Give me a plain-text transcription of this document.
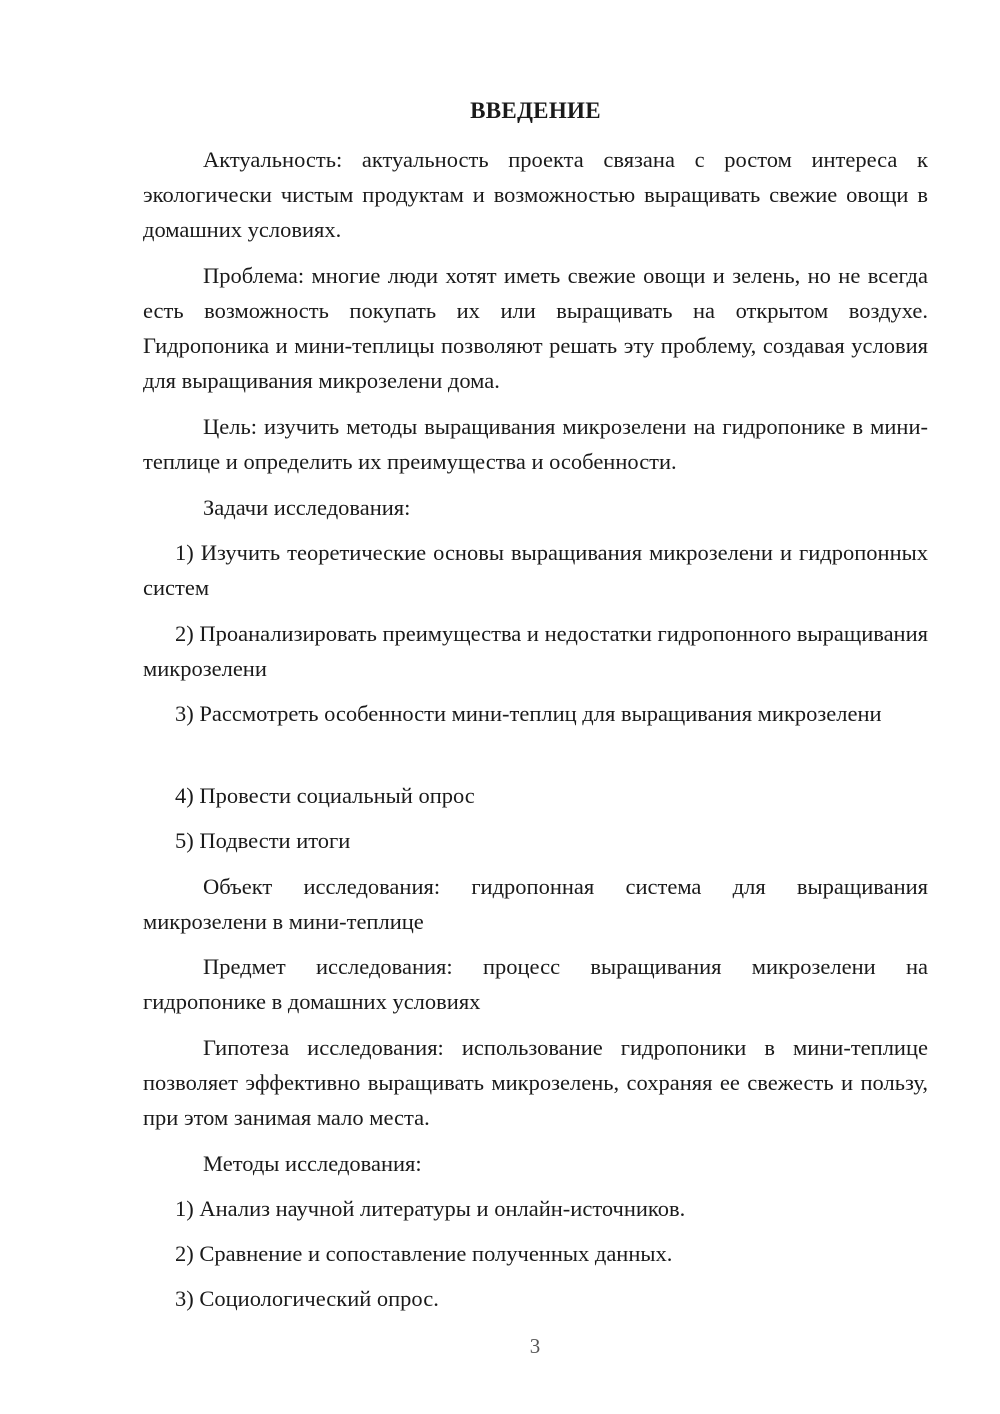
ВВЕДЕНИЕ
Актуальность: актуальность проекта связана с ростом интереса к экологически чистым продуктам и возможностью выращивать свежие овощи в домашних условиях.
Проблема: многие люди хотят иметь свежие овощи и зелень, но не всегда есть возможность покупать их или выращивать на открытом воздухе. Гидропоника и мини-теплицы позволяют решать эту проблему, создавая условия для выращивания микрозелени дома.
Цель: изучить методы выращивания микрозелени на гидропонике в мини-теплице и определить их преимущества и особенности.
Задачи исследования:
1) Изучить теоретические основы выращивания микрозелени и гидропонных систем
2) Проанализировать преимущества и недостатки гидропонного выращивания микрозелени
3) Рассмотреть особенности мини-теплиц для выращивания микрозелени
4) Провести социальный опрос
5) Подвести итоги
Объект исследования: гидропонная система для выращивания микрозелени в мини-теплице
Предмет исследования: процесс выращивания микрозелени на гидропонике в домашних условиях
Гипотеза исследования: использование гидропоники в мини-теплице позволяет эффективно выращивать микрозелень, сохраняя ее свежесть и пользу, при этом занимая мало места.
Методы исследования:
1) Анализ научной литературы и онлайн-источников.
2) Сравнение и сопоставление полученных данных.
3) Социологический опрос.
3
